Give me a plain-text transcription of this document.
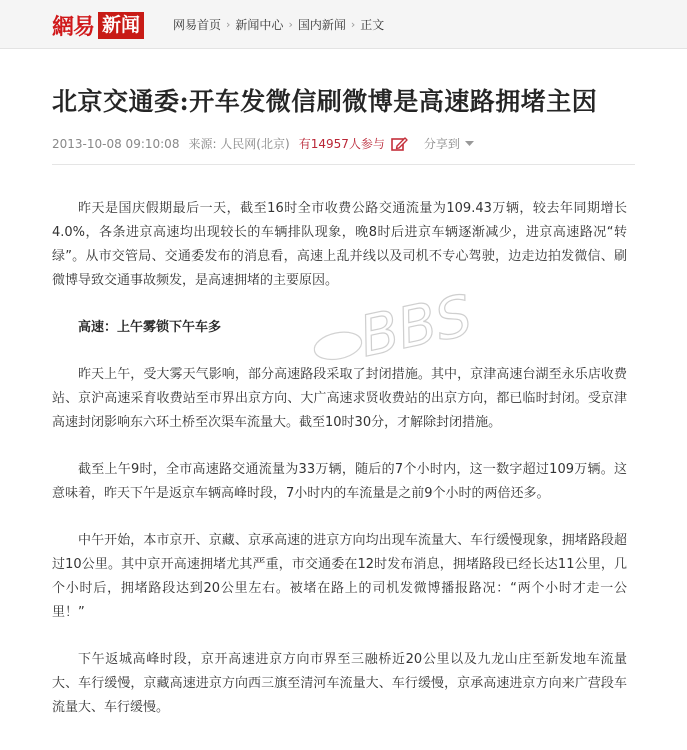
網易 新闻	网易首页 › 新闻中心 › 国内新闻 › 正文
北京交通委:开车发微信刷微博是高速路拥堵主因
2013-10-08 09:10:08 来源: 人民网(北京) 有14957人参与	分享到
BBS

昨天是国庆假期最后一天，截至16时全市收费公路交通流量为109.43万辆，较去年同期增长4.0%，各条进京高速均出现较长的车辆排队现象，晚8时后进京车辆逐渐减少，进京高速路况“转绿”。从市交管局、交通委发布的消息看，高速上乱并线以及司机不专心驾驶，边走边拍发微信、刷微博导致交通事故频发，是高速拥堵的主要原因。

高速：上午雾锁下午车多

昨天上午，受大雾天气影响，部分高速路段采取了封闭措施。其中，京津高速台湖至永乐店收费站、京沪高速采育收费站至市界出京方向、大广高速求贤收费站的出京方向，都已临时封闭。受京津高速封闭影响东六环土桥至次渠车流量大。截至10时30分，才解除封闭措施。

截至上午9时，全市高速路交通流量为33万辆，随后的7个小时内，这一数字超过109万辆。这意味着，昨天下午是返京车辆高峰时段，7小时内的车流量是之前9个小时的两倍还多。

中午开始，本市京开、京藏、京承高速的进京方向均出现车流量大、车行缓慢现象，拥堵路段超过10公里。其中京开高速拥堵尤其严重，市交通委在12时发布消息，拥堵路段已经长达11公里，几个小时后，拥堵路段达到20公里左右。被堵在路上的司机发微博播报路况：“两个小时才走一公里！”

下午返城高峰时段，京开高速进京方向市界至三融桥近20公里以及九龙山庄至新发地车流量大、车行缓慢，京藏高速进京方向西三旗至清河车流量大、车行缓慢，京承高速进京方向来广营段车流量大、车行缓慢。
